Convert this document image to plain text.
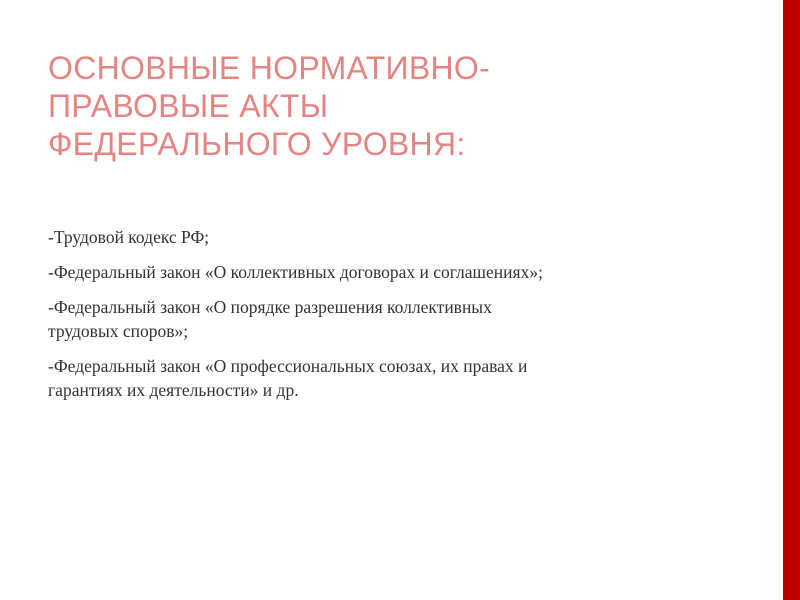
ОСНОВНЫЕ НОРМАТИВНО-
ПРАВОВЫЕ АКТЫ
ФЕДЕРАЛЬНОГО УРОВНЯ:
-Трудовой кодекс РФ;
-Федеральный закон «О коллективных договорах и соглашениях»;
-Федеральный закон «О порядке разрешения коллективных
трудовых споров»;
-Федеральный закон «О профессиональных союзах, их правах и
гарантиях их деятельности» и др.
